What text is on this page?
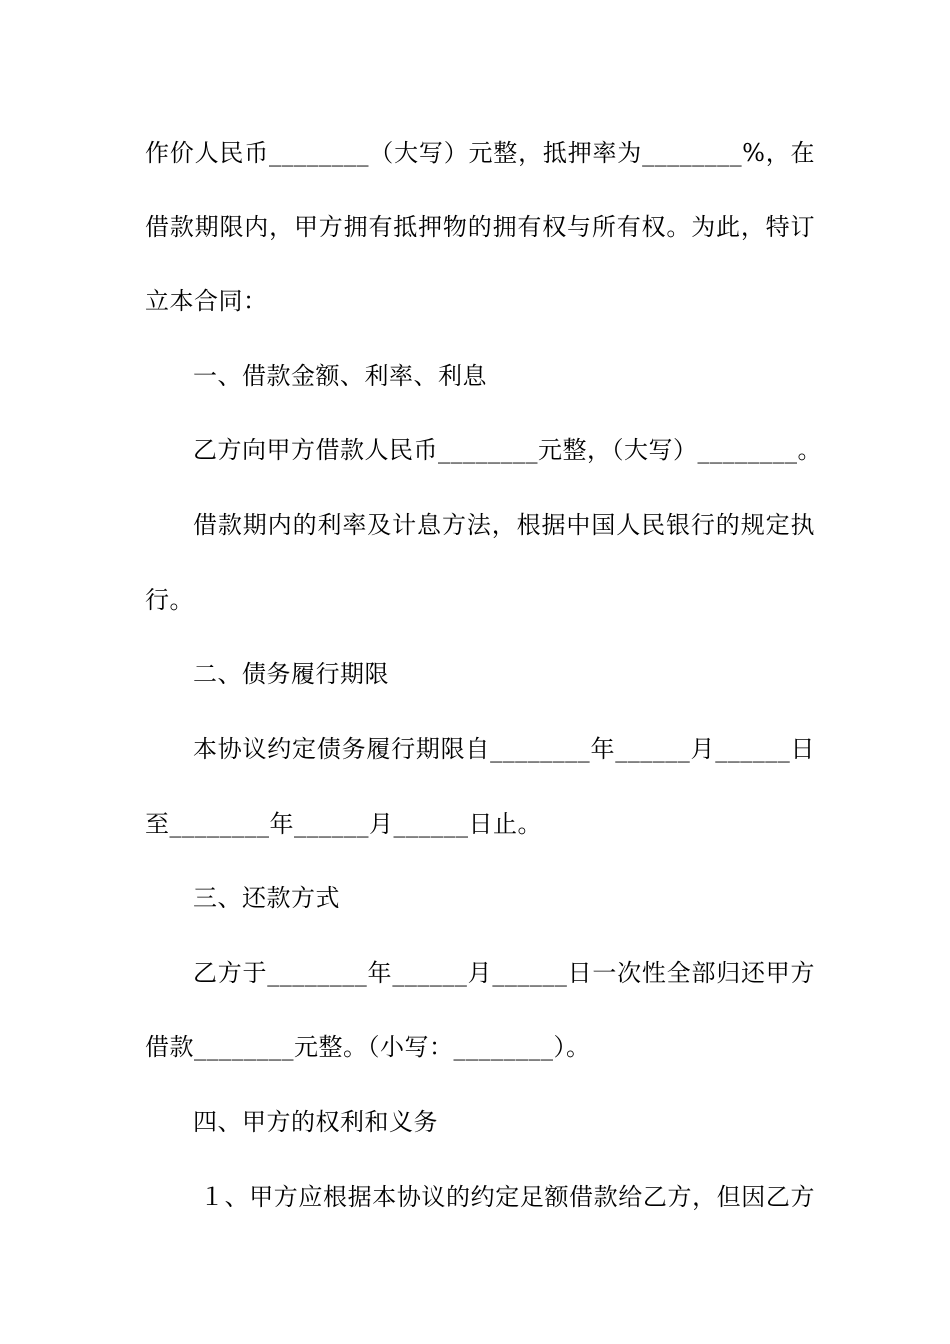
作价人民币________（大写）元整，抵押率为________%，在
借款期限内，甲方拥有抵押物的拥有权与所有权。为此，特订
立本合同：
一、借款金额、利率、利息
乙方向甲方借款人民币________元整，（大写）________。
借款期内的利率及计息方法，根据中国人民银行的规定执
行。
二、债务履行期限
本协议约定债务履行期限自________年______月______日
至________年______月______日止。
三、还款方式
乙方于________年______月______日一次性全部归还甲方
借款________元整。（小写：________）。
四、甲方的权利和义务
１、甲方应根据本协议的约定足额借款给乙方，但因乙方
